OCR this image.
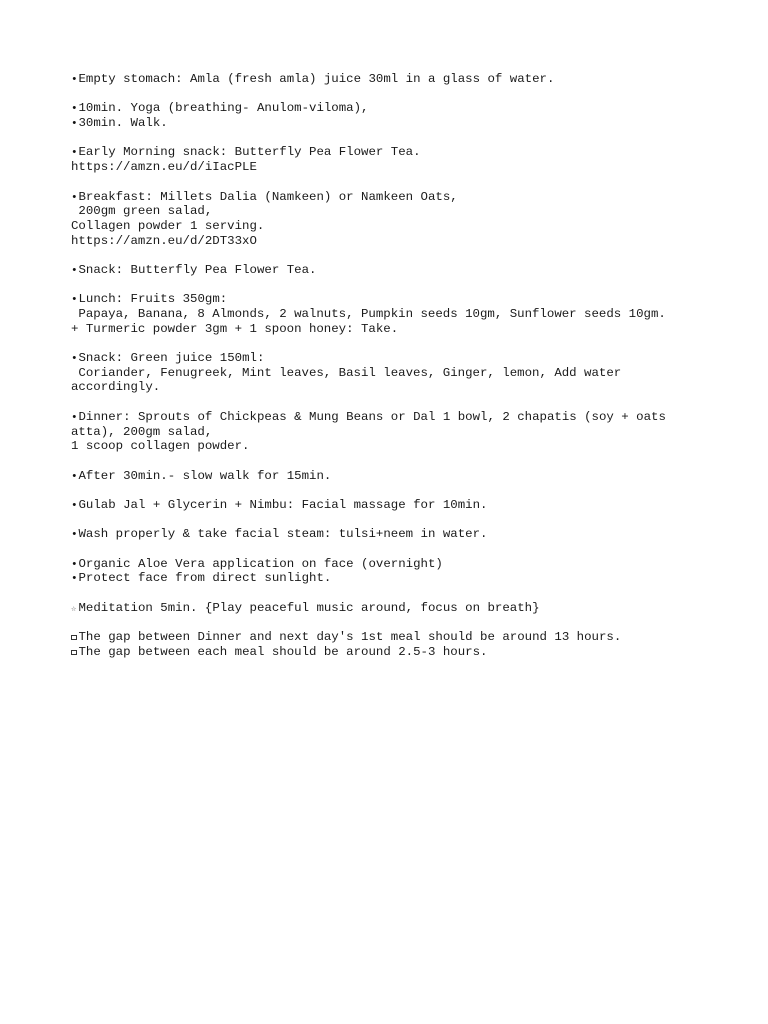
•Empty stomach: Amla (fresh amla) juice 30ml in a glass of water.
•10min. Yoga (breathing- Anulom-viloma),
•30min. Walk.
•Early Morning snack: Butterfly Pea Flower Tea.
https://amzn.eu/d/iIacPLE
•Breakfast: Millets Dalia (Namkeen) or Namkeen Oats,
200gm green salad,
Collagen powder 1 serving.
https://amzn.eu/d/2DT33xO
•Snack: Butterfly Pea Flower Tea.
•Lunch: Fruits 350gm:
Papaya, Banana, 8 Almonds, 2 walnuts, Pumpkin seeds 10gm, Sunflower seeds 10gm.
+ Turmeric powder 3gm + 1 spoon honey: Take.
•Snack: Green juice 150ml:
Coriander, Fenugreek, Mint leaves, Basil leaves, Ginger, lemon, Add water
accordingly.
•Dinner: Sprouts of Chickpeas & Mung Beans or Dal 1 bowl, 2 chapatis (soy + oats
atta), 200gm salad,
1 scoop collagen powder.
•After 30min.- slow walk for 15min.
•Gulab Jal + Glycerin + Nimbu: Facial massage for 10min.
•Wash properly & take facial steam: tulsi+neem in water.
•Organic Aloe Vera application on face (overnight)
•Protect face from direct sunlight.
☆ Meditation 5min. {Play peaceful music around, focus on breath}
The gap between Dinner and next day's 1st meal should be around 13 hours.
The gap between each meal should be around 2.5-3 hours.
